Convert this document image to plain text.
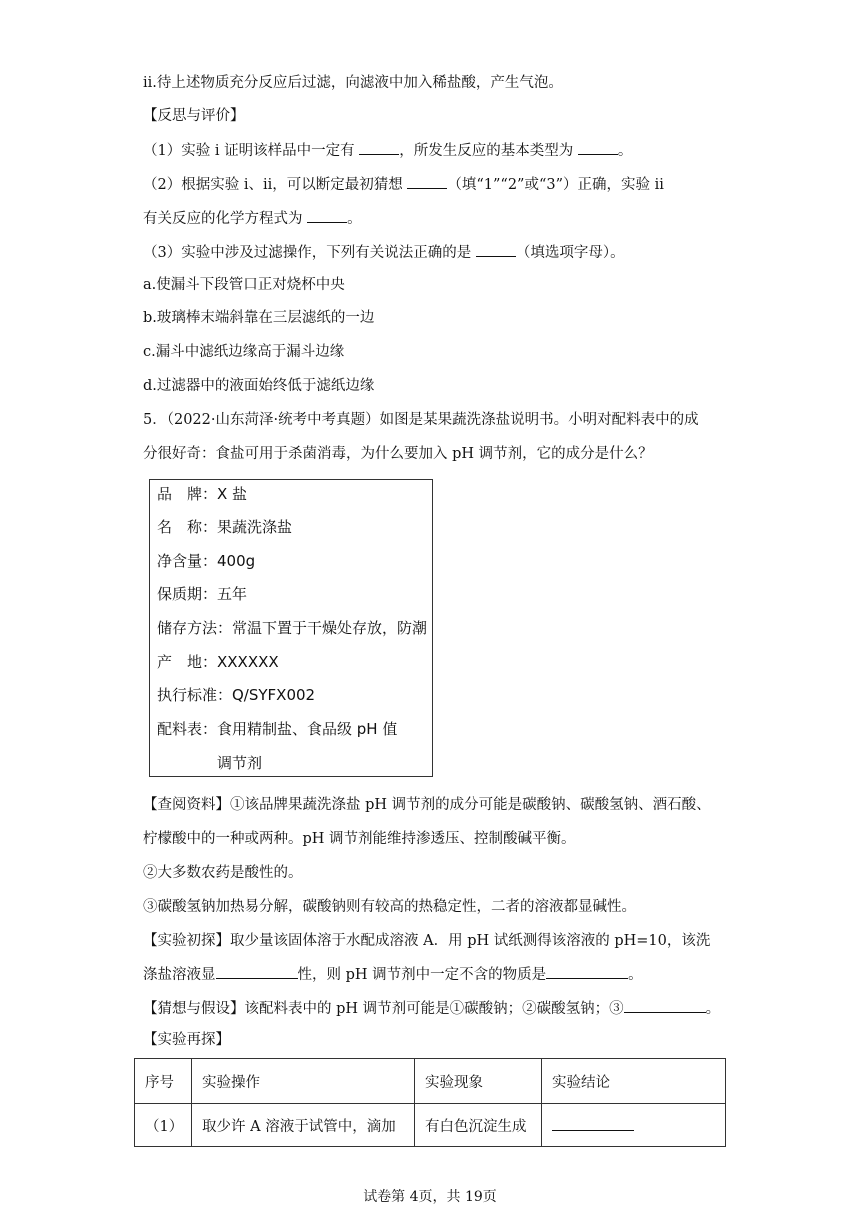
ii.待上述物质充分反应后过滤，向滤液中加入稀盐酸，产生气泡。
【反思与评价】
（1）实验 i 证明该样品中一定有	，所发生反应的基本类型为	。
（2）根据实验 i、ii，可以断定最初猜想	（填“1”“2”或“3”）正确，实验 ii
有关反应的化学方程式为	。
（3）实验中涉及过滤操作，下列有关说法正确的是	（填选项字母）。
a.使漏斗下段管口正对烧杯中央
b.玻璃棒末端斜靠在三层滤纸的一边
c.漏斗中滤纸边缘高于漏斗边缘
d.过滤器中的液面始终低于滤纸边缘
5．（2022·山东菏泽·统考中考真题）如图是某果蔬洗涤盐说明书。小明对配料表中的成
分很好奇：食盐可用于杀菌消毒，为什么要加入 pH 调节剂，它的成分是什么？
品　牌：X 盐
名　称：果蔬洗涤盐
净含量：400g
保质期：五年
储存方法：常温下置于干燥处存放，防潮
产　地：XXXXXX
执行标准：Q/SYFX002
配料表：食用精制盐、食品级 pH 值
调节剂
【查阅资料】①该品牌果蔬洗涤盐 pH 调节剂的成分可能是碳酸钠、碳酸氢钠、酒石酸、
柠檬酸中的一种或两种。pH 调节剂能维持渗透压、控制酸碱平衡。
②大多数农药是酸性的。
③碳酸氢钠加热易分解，碳酸钠则有较高的热稳定性，二者的溶液都显碱性。
【实验初探】取少量该固体溶于水配成溶液 A．用 pH 试纸测得该溶液的 pH=10，该洗
涤盐溶液显	性，则 pH 调节剂中一定不含的物质是	。
【猜想与假设】该配料表中的 pH 调节剂可能是①碳酸钠；②碳酸氢钠；③	。
【实验再探】
序号	实验操作	实验现象	实验结论
（1）	取少许 A 溶液于试管中，滴加	有白色沉淀生成	
试卷第 4页，共 19页
